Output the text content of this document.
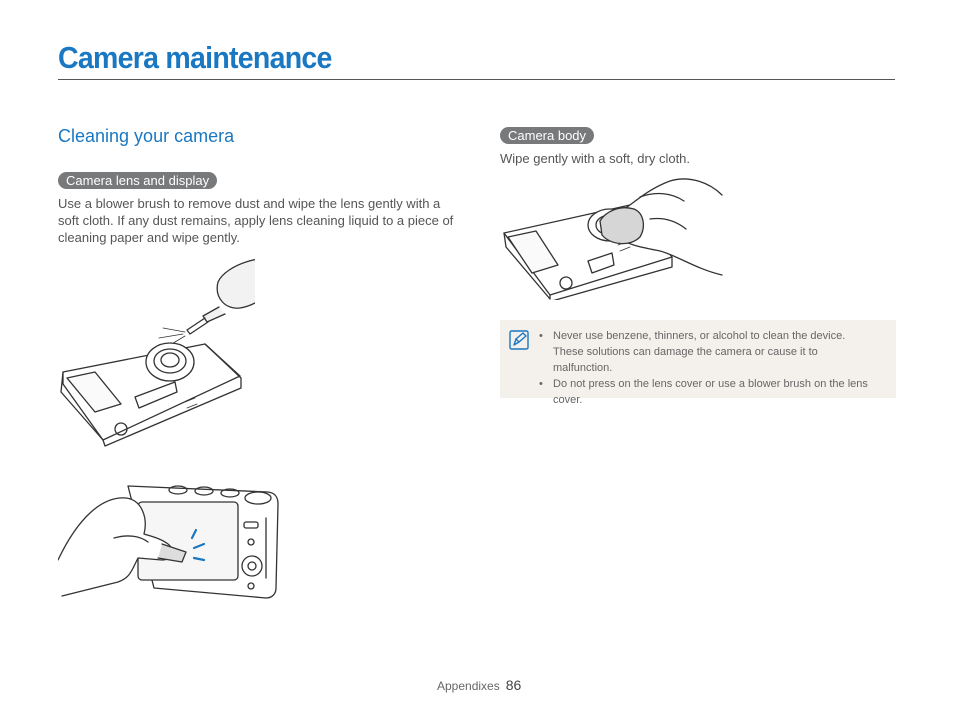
Camera maintenance
Cleaning your camera
Camera lens and display

Use a blower brush to remove dust and wipe the lens gently with a soft cloth. If any dust remains, apply lens cleaning liquid to a piece of cleaning paper and wipe gently.

Camera body

Wipe gently with a soft, dry cloth.

• Never use benzene, thinners, or alcohol to clean the device. These solutions can damage the camera or cause it to malfunction.
• Do not press on the lens cover or use a blower brush on the lens cover.
Appendixes 86
